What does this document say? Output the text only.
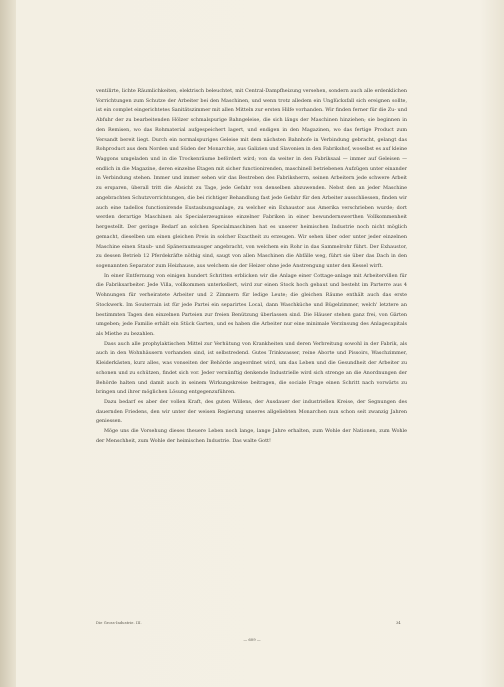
ventilirte, lichte Räumlichkeiten, elektrisch beleuchtet, mit Central-Dampfheizung versehen, sondern auch alle erdenklichen Vorrichtungen zum Schutze der Arbeiter bei den Maschinen, und wenn trotz alledem ein Unglücksfall sich ereignen sollte, ist ein complet eingerichtetes Sanitätszimmer mit allen Mitteln zur ersten Hilfe vorhanden. Wir finden ferner für die Zu- und Abfuhr der zu bearbeitenden Hölzer schmalspurige Bahngeleise, die sich längs der Maschinen hinziehen; sie beginnen in den Remisen, wo das Rohmaterial aufgespeichert lagert, und endigen in den Magazinen, wo das fertige Product zum Versandt bereit liegt. Durch ein normalspuriges Geleise mit dem nächsten Bahnhofe in Verbindung gebracht, gelangt das Rohproduct aus dem Norden und Süden der Monarchie, aus Galizien und Slavonien in den Fabrikshof, woselbst es auf kleine Waggons umgeladen und in die Trockenräume befördert wird; von da weiter in den Fabriksaal — immer auf Geleisen — endlich in die Magazine, deren einzelne Etagen mit sicher functionirenden, maschinell betriebenen Aufzügen unter einander in Verbindung stehen. Immer und immer sehen wir das Bestreben des Fabriksherrn, seinen Arbeitern jede schwere Arbeit zu ersparen, überall tritt die Absicht zu Tage, jede Gefahr von denselben abzuwenden. Nebst den an jeder Maschine angebrachten Schutzvorrichtungen, die bei richtiger Behandlung fast jede Gefahr für den Arbeiter ausschliessen, finden wir auch eine tadellos functionirende Exstaubungsanlage, zu welcher ein Exhaustor aus Amerika verschrieben wurde; dort werden derartige Maschinen als Specialerzeugnisse einzelner Fabriken in einer bewundernswerthen Vollkommenheit hergestellt. Der geringe Bedarf an solchen Specialmaschinen hat es unserer heimischen Industrie noch nicht möglich gemacht, dieselben um einen gleichen Preis in solcher Exactheit zu erzeugen. Wir sehen über oder unter jeder einzelnen Maschine einen Staub- und Späneraumsauger angebracht, von welchem ein Rohr in das Sammelrohr führt. Der Exhaustor, zu dessen Betrieb 12 Pferdekräfte nöthig sind, saugt von allen Maschinen die Abfälle weg, führt sie über das Dach in den sogenannten Separator zum Heizhause, aus welchem sie der Heizer ohne jede Anstrengung unter den Kessel wirft.

In einer Entfernung von einigen hundert Schritten erblicken wir die Anlage einer Cottage-anlage mit Arbeitervillen für die Fabriksarbeiter. Jede Villa, vollkommen unterkellert, wird zur einen Stock hoch gebaut und besteht im Parterre aus 4 Wohnungen für verheiratete Arbeiter und 2 Zimmern für ledige Leute; die gleichen Räume enthält auch das erste Stockwerk. Im Souterrain ist für jede Partei ein separirtes Local, dann Waschküche und Bügelzimmer, welch' letztere an bestimmten Tagen den einzelnen Parteien zur freien Benützung überlassen sind. Die Häuser stehen ganz frei, von Gärten umgeben; jede Familie erhält ein Stück Garten, und es haben die Arbeiter nur eine minimale Verzinsung des Anlagecapitals als Miethe zu bezahlen.

Dass auch alle prophylaktischen Mittel zur Verhütung von Krankheiten und deren Verbreitung sowohl in der Fabrik, als auch in den Wohnhäusern vorhanden sind, ist selbstredend. Gutes Trinkwasser, reine Aborte und Pissoirs, Waschzimmer, Kleiderkästen, kurz alles, was vonseiten der Behörde angeordnet wird, um das Leben und die Gesundheit der Arbeiter zu schonen und zu schützen, findet sich vor. Jeder vernünftig denkende Industrielle wird sich strenge an die Anordnungen der Behörde halten und damit auch in seinem Wirkungskreise beitragen, die sociale Frage einen Schritt nach vorwärts zu bringen und ihrer möglichen Lösung entgegenzuführen.

Dazu bedarf es aber der vollen Kraft, des guten Willens, der Ausdauer der industriellen Kreise, der Segnungen des dauernden Friedens, den wir unter der weisen Regierung unseres allgeliebten Monarchen nun schon seit zwanzig Jahren geniessen.

Möge uns die Vorsehung dieses theuere Leben noch lange, lange Jahre erhalten, zum Wohle der Nationen, zum Wohle der Menschheit, zum Wohle der heimischen Industrie. Das walte Gott!

Die Gross-Industrie. III.	34
— 609 —
